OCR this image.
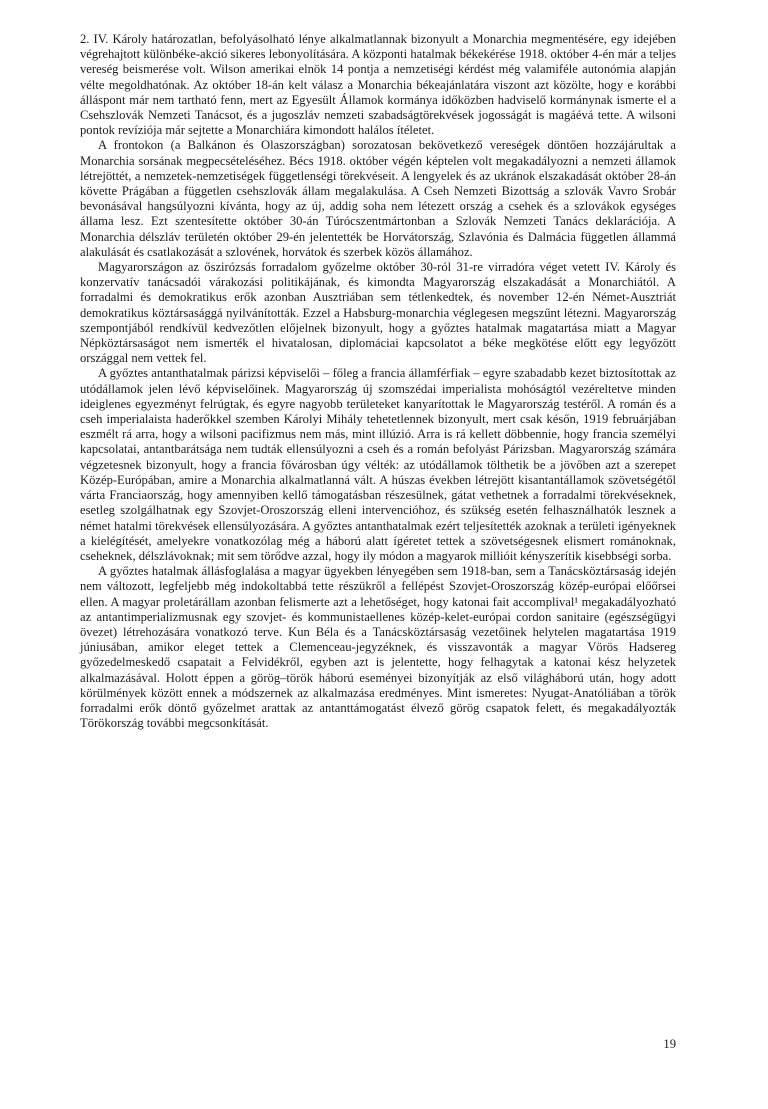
2. IV. Károly határozatlan, befolyásolható lénye alkalmatlannak bizonyult a Monarchia megmentésére, egy idejében végrehajtott különbéke-akció sikeres lebonyolítására. A központi hatalmak békekérése 1918. október 4-én már a teljes vereség beismerése volt. Wilson amerikai elnök 14 pontja a nemzetiségi kérdést még valamiféle autonómia alapján vélte megoldhatónak. Az október 18-án kelt válasz a Monarchia békeajánlatára viszont azt közölte, hogy e korábbi álláspont már nem tartható fenn, mert az Egyesült Államok kormánya időközben hadviselő kormánynak ismerte el a Csehszlovák Nemzeti Tanácsot, és a jugoszláv nemzeti szabadságtörekvések jogosságát is magáévá tette. A wilsoni pontok revíziója már sejtette a Monarchiára kimondott halálos ítéletet.

A frontokon (a Balkánon és Olaszországban) sorozatosan bekövetkező vereségek döntően hozzájárultak a Monarchia sorsának megpecsételéséhez. Bécs 1918. október végén képtelen volt megakadályozni a nemzeti államok létrejöttét, a nemzetek-nemzetiségek függetlenségi törekvéseit. A lengyelek és az ukránok elszakadását október 28-án követte Prágában a független csehszlovák állam megalakulása. A Cseh Nemzeti Bizottság a szlovák Vavro Srobár bevonásával hangsúlyozni kívánta, hogy az új, addig soha nem létezett ország a csehek és a szlovákok egységes állama lesz. Ezt szentesítette október 30-án Túrócszentmártonban a Szlovák Nemzeti Tanács deklarációja. A Monarchia délszláv területén október 29-én jelentették be Horvátország, Szlavónia és Dalmácia független állammá alakulását és csatlakozását a szlovének, horvátok és szerbek közös államához.

Magyarországon az őszirózsás forradalom győzelme október 30-ról 31-re virradóra véget vetett IV. Károly és konzervatív tanácsadói várakozási politikájának, és kimondta Magyarország elszakadását a Monarchiától. A forradalmi és demokratikus erők azonban Ausztriában sem tétlenkedtek, és november 12-én Német-Ausztriát demokratikus köztársasággá nyilvánították. Ezzel a Habsburg-monarchia véglegesen megszűnt létezni. Magyarország szempontjából rendkívül kedvezőtlen előjelnek bizonyult, hogy a győztes hatalmak magatartása miatt a Magyar Népköztársaságot nem ismerték el hivatalosan, diplomáciai kapcsolatot a béke megkötése előtt egy legyőzött országgal nem vettek fel.

A győztes antanthatalmak párizsi képviselői – főleg a francia államférfiak – egyre szabadabb kezet biztosítottak az utódállamok jelen lévő képviselőinek. Magyarország új szomszédai imperialista mohóságtól vezéreltetve minden ideiglenes egyezményt felrúgtak, és egyre nagyobb területeket kanyarítottak le Magyarország testéről. A román és a cseh imperialaista haderőkkel szemben Károlyi Mihály tehetetlennek bizonyult, mert csak későn, 1919 februárjában eszmélt rá arra, hogy a wilsoni pacifizmus nem más, mint illúzió. Arra is rá kellett döbbennie, hogy francia személyi kapcsolatai, antantbarátsága nem tudták ellensúlyozni a cseh és a román befolyást Párizsban. Magyarország számára végzetesnek bizonyult, hogy a francia fővárosban úgy vélték: az utódállamok tölthetik be a jövőben azt a szerepet Közép-Európában, amire a Monarchia alkalmatlanná vált. A húszas években létrejött kisantantállamok szövetségétől várta Franciaország, hogy amennyiben kellő támogatásban részesülnek, gátat vethetnek a forradalmi törekvéseknek, esetleg szolgálhatnak egy Szovjet-Oroszország elleni intervencióhoz, és szükség esetén felhasználhatók lesznek a német hatalmi törekvések ellensúlyozására. A győztes antanthatalmak ezért teljesítették azoknak a területi igényeknek a kielégítését, amelyekre vonatkozólag még a háború alatt ígéretet tettek a szövetségesnek elismert románoknak, cseheknek, délszlávoknak; mit sem törődve azzal, hogy ily módon a magyarok millióit kényszerítik kisebbségi sorba.

A győztes hatalmak állásfoglalása a magyar ügyekben lényegében sem 1918-ban, sem a Tanácsköztársaság idején nem változott, legfeljebb még indokoltabbá tette részükről a fellépést Szovjet-Oroszország közép-európai előőrsei ellen. A magyar proletárállam azonban felismerte azt a lehetőséget, hogy katonai fait accomplival¹ megakadályozható az antantimperializmusnak egy szovjet- és kommunistaellenes közép-kelet-európai cordon sanitaire (egészségügyi övezet) létrehozására vonatkozó terve. Kun Béla és a Tanácsköztársaság vezetőinek helytelen magatartása 1919 júniusában, amikor eleget tettek a Clemenceau-jegyzéknek, és visszavonták a magyar Vörös Hadsereg győzedelmeskedő csapatait a Felvidékről, egyben azt is jelentette, hogy felhagytak a katonai kész helyzetek alkalmazásával. Holott éppen a görög–török háború eseményei bizonyítják az első világháború után, hogy adott körülmények között ennek a módszernek az alkalmazása eredményes. Mint ismeretes: Nyugat-Anatóliában a török forradalmi erők döntő győzelmet arattak az antanttámogatást élvező görög csapatok felett, és megakadályozták Törökország további megcsonkítását.

19
